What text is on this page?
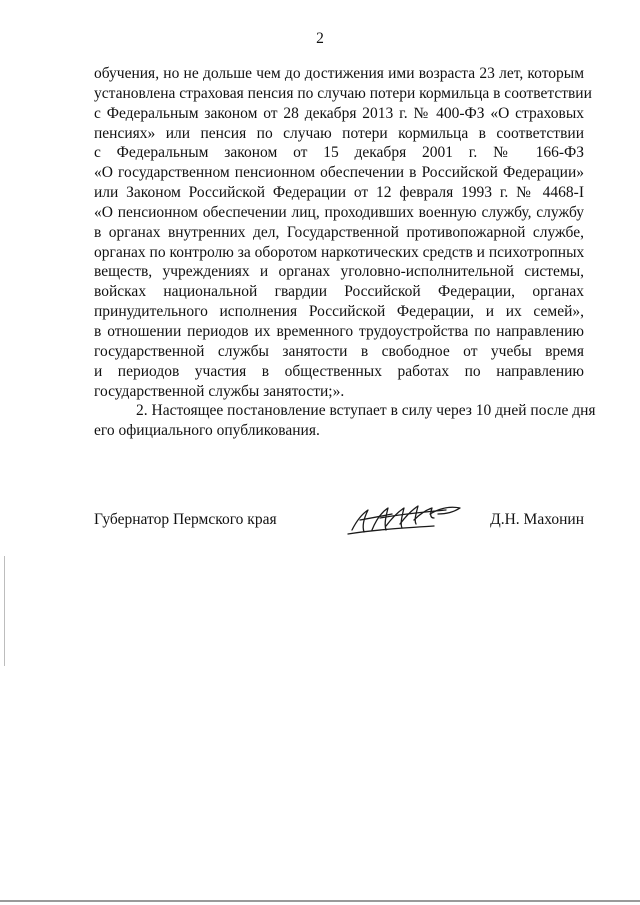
2
обучения, но не дольше чем до достижения ими возраста 23 лет, которым
установлена страховая пенсия по случаю потери кормильца в соответствии
с Федеральным законом от 28 декабря 2013 г. № 400-ФЗ «О страховых
пенсиях» или пенсия по случаю потери кормильца в соответствии
с Федеральным законом от 15 декабря 2001 г. № 166-ФЗ
«О государственном пенсионном обеспечении в Российской Федерации»
или Законом Российской Федерации от 12 февраля 1993 г. № 4468-I
«О пенсионном обеспечении лиц, проходивших военную службу, службу
в органах внутренних дел, Государственной противопожарной службе,
органах по контролю за оборотом наркотических средств и психотропных
веществ, учреждениях и органах уголовно-исполнительной системы,
войсках национальной гвардии Российской Федерации, органах
принудительного исполнения Российской Федерации, и их семей»,
в отношении периодов их временного трудоустройства по направлению
государственной службы занятости в свободное от учебы время
и периодов участия в общественных работах по направлению
государственной службы занятости;».
2. Настоящее постановление вступает в силу через 10 дней после дня
его официального опубликования.
Губернатор Пермского края	Д.Н. Махонин
